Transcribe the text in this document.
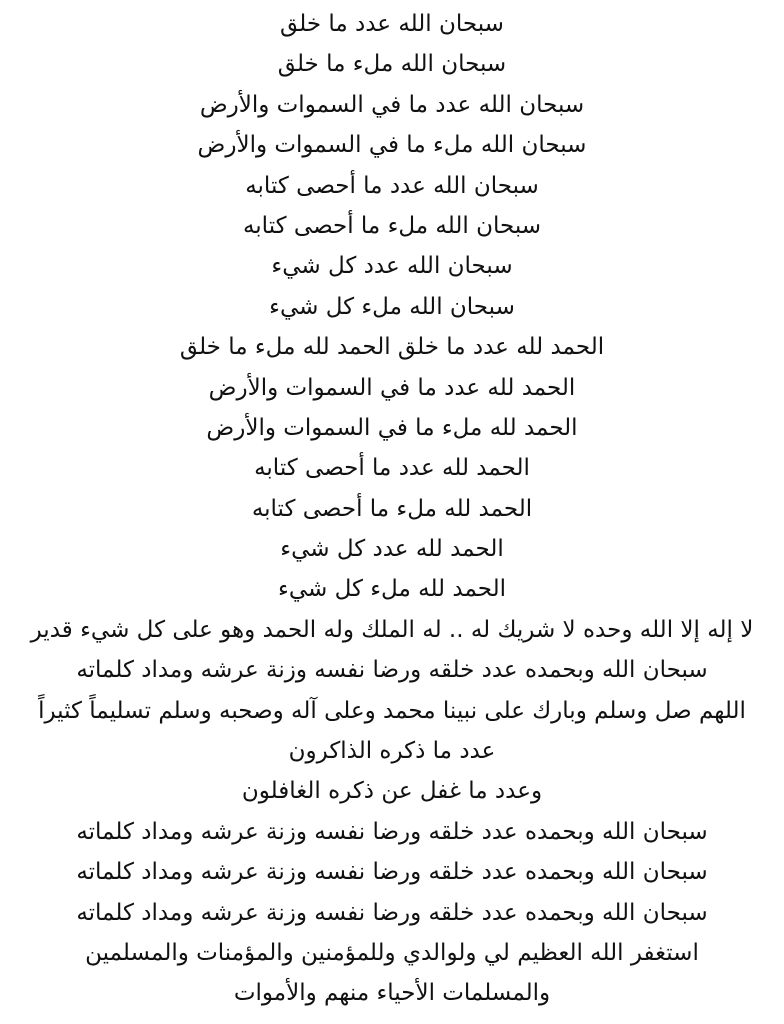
سبحان الله عدد ما خلق
سبحان الله ملء ما خلق
سبحان الله عدد ما في السموات والأرض
سبحان الله ملء ما في السموات والأرض
سبحان الله عدد ما أحصى كتابه
سبحان الله ملء ما أحصى كتابه
سبحان الله عدد كل شيء
سبحان الله ملء كل شيء
الحمد لله عدد ما خلق الحمد لله ملء ما خلق
الحمد لله عدد ما في السموات والأرض
الحمد لله ملء ما في السموات والأرض
الحمد لله عدد ما أحصى كتابه
الحمد لله ملء ما أحصى كتابه
الحمد لله عدد كل شيء
الحمد لله ملء كل شيء
لا إله إلا الله وحده لا شريك له .. له الملك وله الحمد وهو على كل شيء قدير
سبحان الله وبحمده عدد خلقه ورضا نفسه وزنة عرشه ومداد كلماته
اللهم صل وسلم وبارك على نبينا محمد وعلى آله وصحبه وسلم تسليماً كثيراً
عدد ما ذكره الذاكرون
وعدد ما غفل عن ذكره الغافلون
سبحان الله وبحمده عدد خلقه ورضا نفسه وزنة عرشه ومداد كلماته
سبحان الله وبحمده عدد خلقه ورضا نفسه وزنة عرشه ومداد كلماته
سبحان الله وبحمده عدد خلقه ورضا نفسه وزنة عرشه ومداد كلماته
استغفر الله العظيم لي ولوالدي وللمؤمنين والمؤمنات والمسلمين
والمسلمات الأحياء منهم والأموات
